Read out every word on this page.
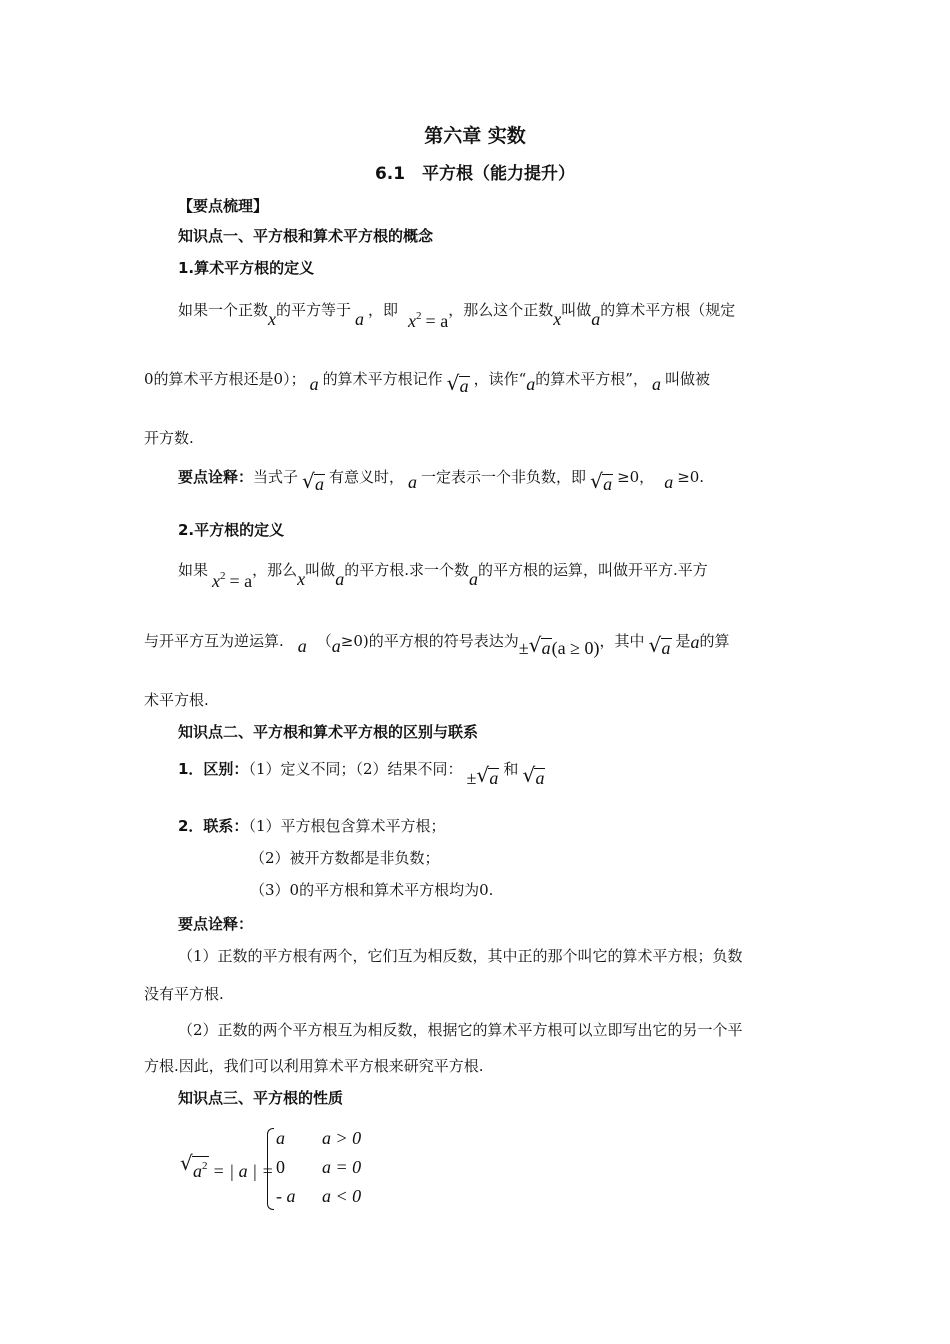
第六章 实数
6.1　平方根（能力提升）
【要点梳理】
知识点一、平方根和算术平方根的概念
1.算术平方根的定义
如果一个正数x的平方等于 a ，即$x^2 = a$，那么这个正数x叫做a的算术平方根（规定
0的算术平方根还是0）； a 的算术平方根记作 √ a ，读作“a的算术平方根”， a 叫做被
开方数.
要点诠释：当式子 √ a 有意义时， a 一定表示一个非负数，即 √ a ≥0， a ≥0.
2.平方根的定义
如果$x^2 = a$，那么x叫做a的平方根.求一个数a的平方根的运算，叫做开平方.平方
与开平方互为逆运算. a （a≥0)的平方根的符号表达为± √ a(a ≥ 0)，其中 √ a 是a的算
术平方根.
知识点二、平方根和算术平方根的区别与联系
1．区别：（1）定义不同；（2）结果不同： ± √ a 和 √ a
2．联系：（1）平方根包含算术平方根；
（2）被开方数都是非负数；
（3）0的平方根和算术平方根均为0.
要点诠释：
（1）正数的平方根有两个，它们互为相反数，其中正的那个叫它的算术平方根；负数
没有平方根.
（2）正数的两个平方根互为相反数，根据它的算术平方根可以立即写出它的另一个平
方根.因此，我们可以利用算术平方根来研究平方根.
知识点三、平方根的性质
√ $a^2$ = | a | =
a a > 0
0 a = 0
- a a < 0
